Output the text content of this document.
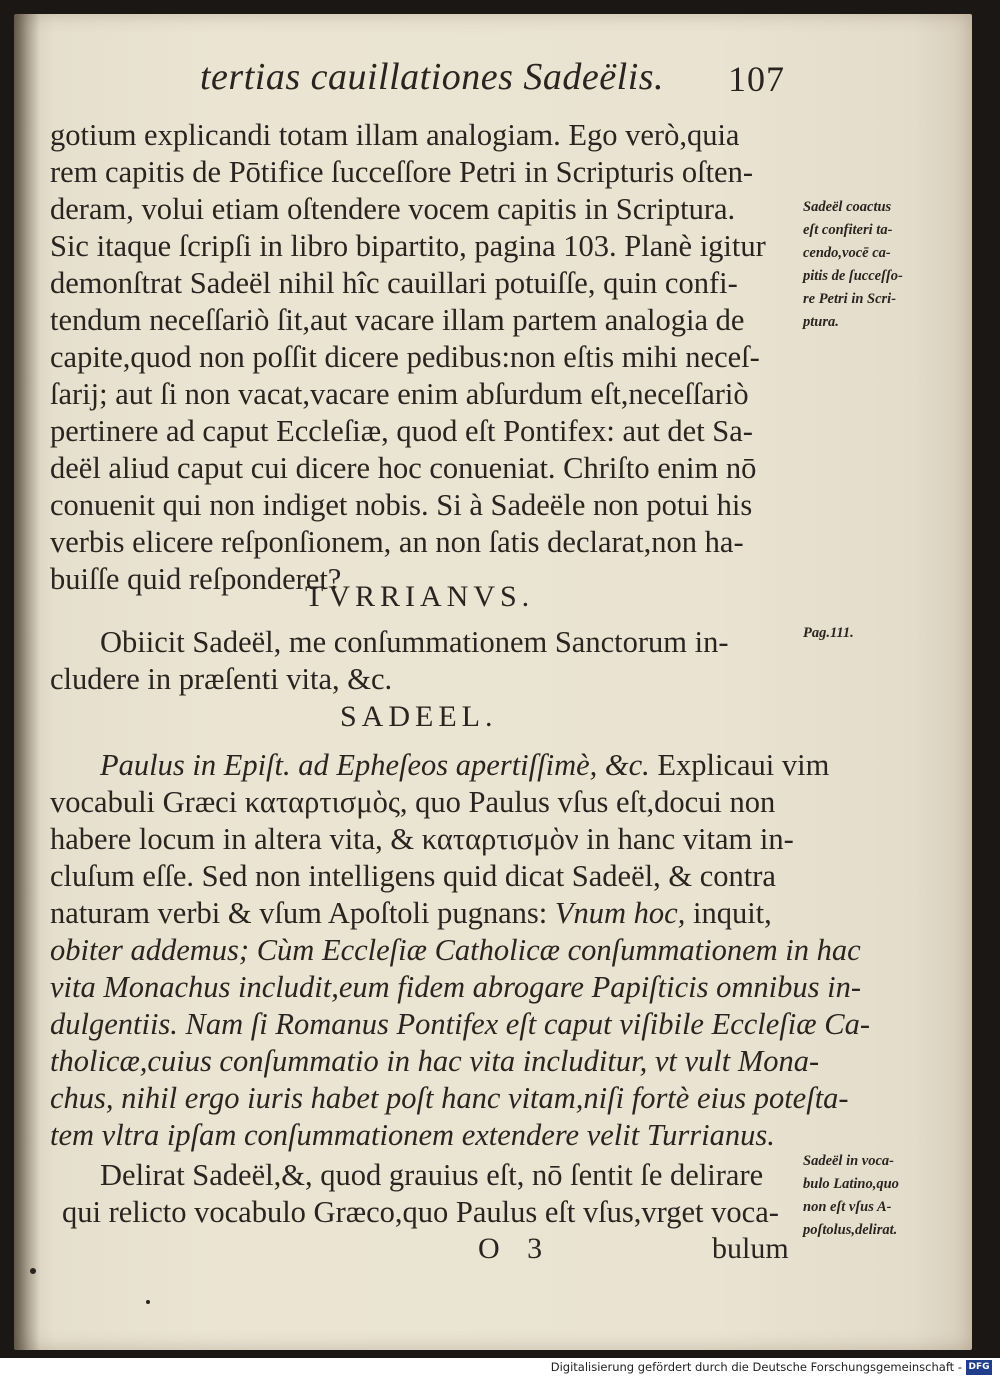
tertias cauillationes Sadeëlis. 107
gotium explicandi totam illam analogiam. Ego verò,quia
rem capitis de Pōtifice ſucceſſore Petri in Scripturis oſten-
deram, volui etiam oſtendere vocem capitis in Scriptura.
Sic itaque ſcripſi in libro bipartito, pagina 103. Planè igitur
demonſtrat Sadeël nihil hîc cauillari potuiſſe, quin confi-
tendum neceſſariò ſit,aut vacare illam partem analogia de
capite,quod non poſſit dicere pedibus:non eſtis mihi neceſ-
ſarij; aut ſi non vacat,vacare enim abſurdum eſt,neceſſariò
pertinere ad caput Eccleſiæ, quod eſt Pontifex: aut det Sa-
deël aliud caput cui dicere hoc conueniat. Chriſto enim nō
conuenit qui non indiget nobis. Si à Sadeële non potui his
verbis elicere reſponſionem, an non ſatis declarat,non ha-
buiſſe quid reſponderet?
TVRRIANVS.
Obiicit Sadeël, me conſummationem Sanctorum in-
cludere in præſenti vita, &c.
SADEEL.
Paulus in Epiſt. ad Epheſeos apertiſſimè, &c. Explicaui vim
vocabuli Græci καταρτισμὸς, quo Paulus vſus eſt,docui non
habere locum in altera vita, & καταρτισμὸν in hanc vitam in-
cluſum eſſe. Sed non intelligens quid dicat Sadeël, & contra
naturam verbi & vſum Apoſtoli pugnans: Vnum hoc, inquit,
obiter addemus; Cùm Eccleſiæ Catholicæ conſummationem in hac
vita Monachus includit,eum fidem abrogare Papiſticis omnibus in-
dulgentiis. Nam ſi Romanus Pontifex eſt caput viſibile Eccleſiæ Ca-
tholicæ,cuius conſummatio in hac vita includitur, vt vult Mona-
chus, nihil ergo iuris habet poſt hanc vitam,niſi fortè eius poteſta-
tem vltra ipſam conſummationem extendere velit Turrianus.
Delirat Sadeël,&, quod grauius eſt, nō ſentit ſe delirare
qui relicto vocabulo Græco,quo Paulus eſt vſus,vrget voca-
O 3	bulum
Sadeël coactus
eſt confiteri ta-
cendo,vocē ca-
pitis de ſucceſſo-
re Petri in Scri-
ptura.
Pag.111.
Sadeël in voca-
bulo Latino,quo
non eſt vſus A-
poſtolus,delirat.
Digitalisierung gefördert durch die Deutsche Forschungsgemeinschaft - DFG
